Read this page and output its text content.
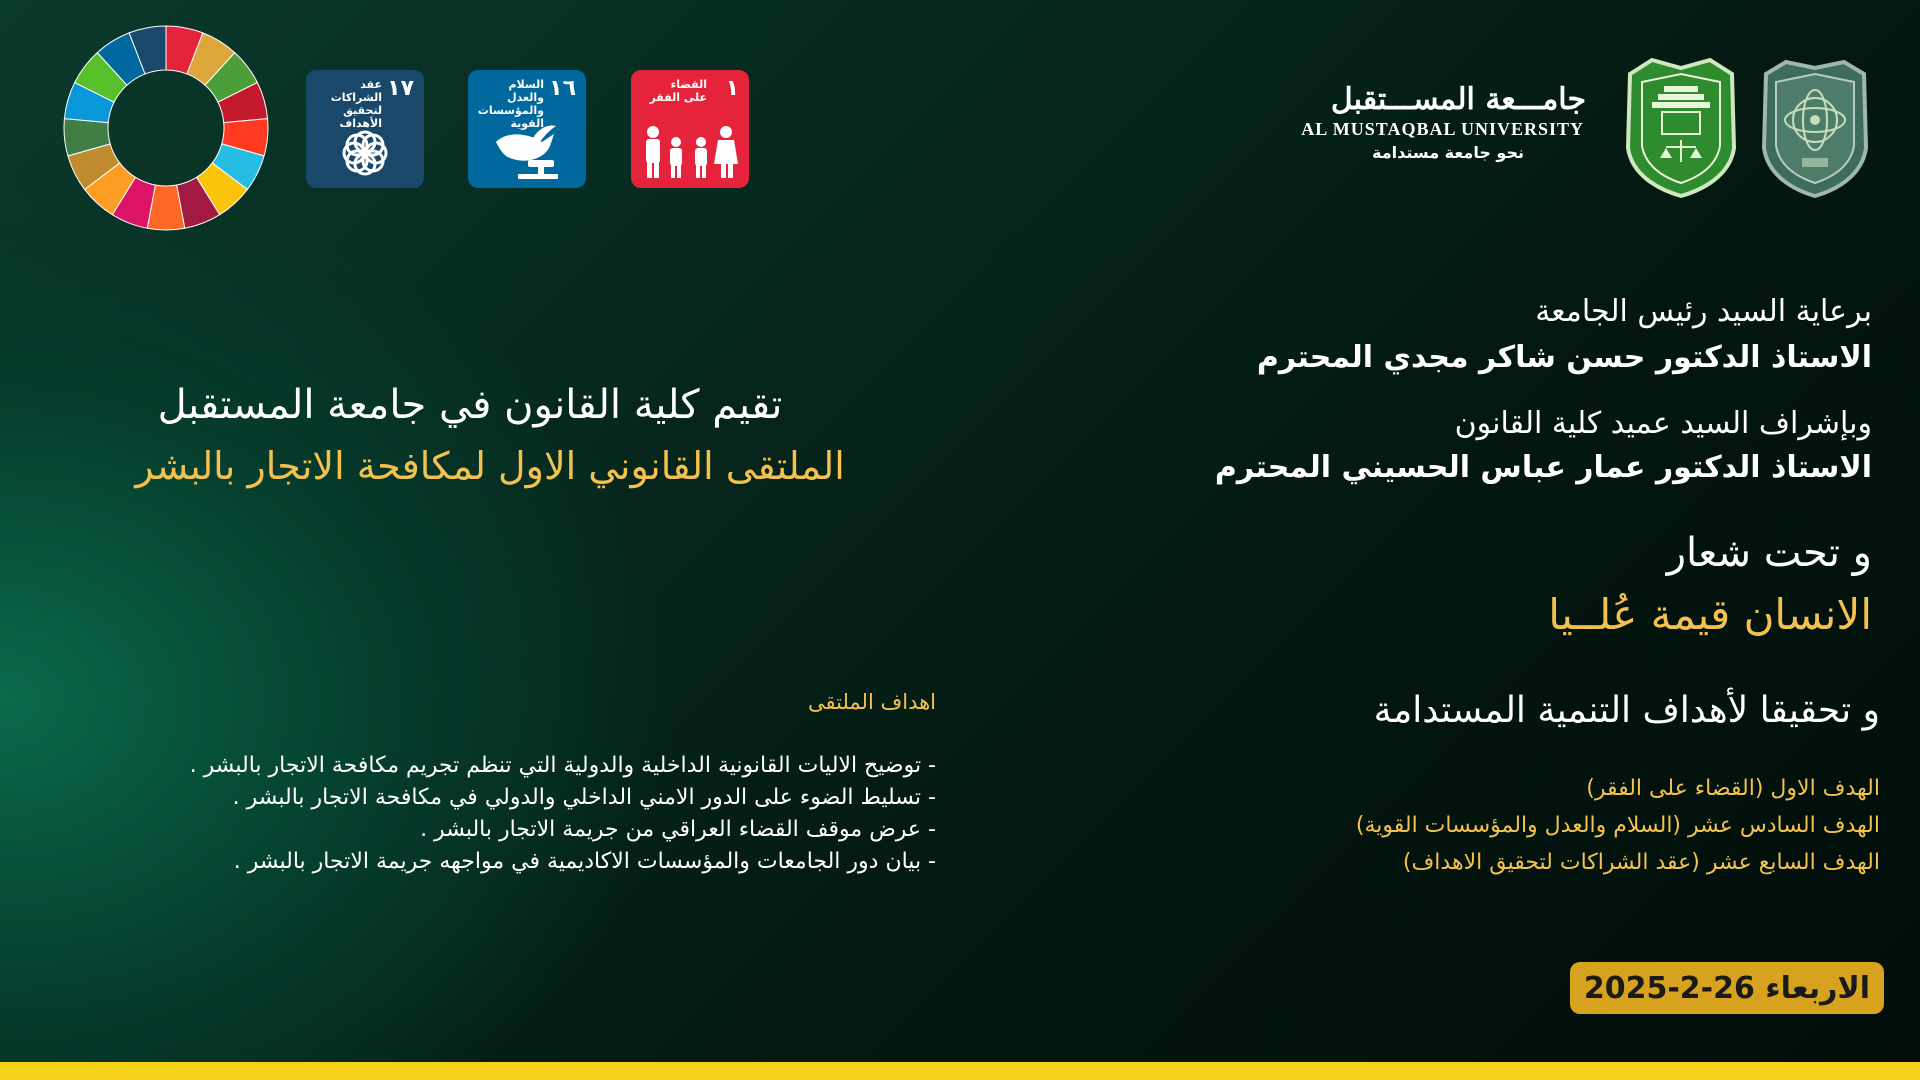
١٧
عقد الشراكات لتحقيق الأهداف
١٦
السلام والعدل والمؤسسات القوية
١
القضاء على الفقر	جامـــعة المســـتقبل
AL MUSTAQBAL UNIVERSITY
نحو جامعة مستدامة
برعاية السيد رئيس الجامعة
الاستاذ الدكتور حسن شاكر مجدي المحترم
وبإشراف السيد عميد كلية القانون
الاستاذ الدكتور عمار عباس الحسيني المحترم
و تحت شعار
الانسان قيمة عُلــيا
و تحقيقا لأهداف التنمية المستدامة
الهدف الاول (القضاء على الفقر)
الهدف السادس عشر (السلام والعدل والمؤسسات القوية)
الهدف السابع عشر (عقد الشراكات لتحقيق الاهداف)
الاربعاء 26-2-2025
تقيم كلية القانون في جامعة المستقبل
الملتقى القانوني الاول لمكافحة الاتجار بالبشر
اهداف الملتقى
- توضيح الاليات القانونية الداخلية والدولية التي تنظم تجريم مكافحة الاتجار بالبشر .
- تسليط الضوء على الدور الامني الداخلي والدولي في مكافحة الاتجار بالبشر .
- عرض موقف القضاء العراقي من جريمة الاتجار بالبشر .
- بيان دور الجامعات والمؤسسات الاكاديمية في مواجهه جريمة الاتجار بالبشر .
